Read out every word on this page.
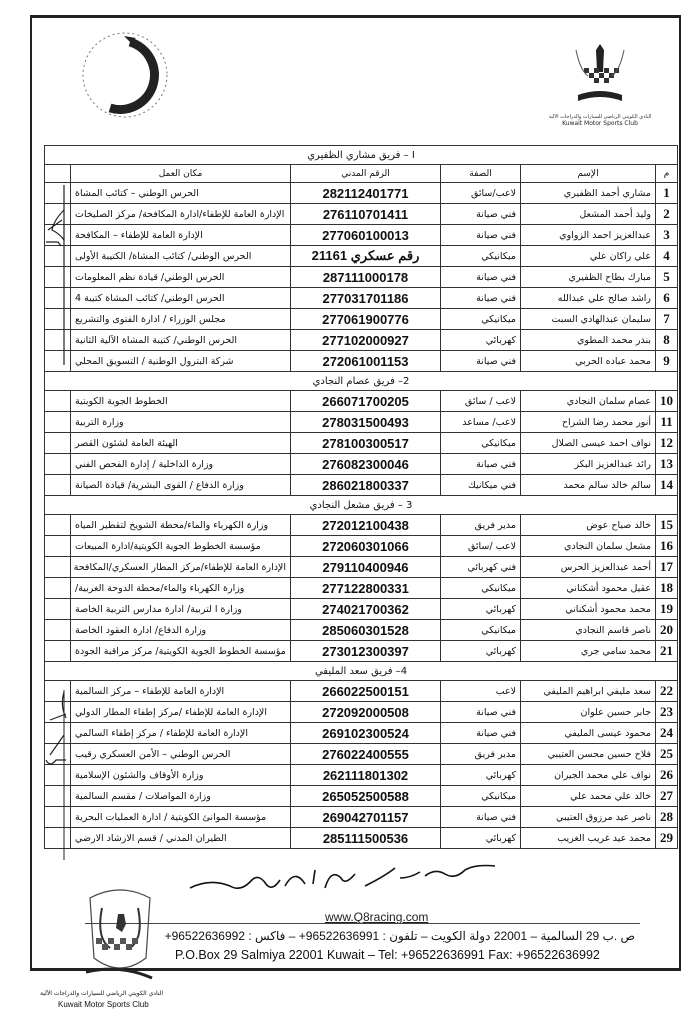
النادي الكويتي الرياضي للسيارات والدراجات الآلية
Kuwait Motor Sports Club
I – فريق مشاري الظفيري					
م	الإسم	الصفة	الرقم المدني	مكان العمل	
1	مشاري أحمد الظفيري	لاعب/سائق	282112401771	الحرس الوطني – كتائب المشاة	
2	وليد أحمد المشعل	فني صيانة	276110701411	الإدارة العامة للإطفاء/ادارة المكافحة/ مركز الصليخات	
3	عبدالعزيز احمد الزواوي	فني صيانة	277060100013	الإدارة العامة للإطفاء – المكافحة	
4	علي راكان علي	ميكانيكي	رقم عسكري 21161	الحرس الوطني/ كتائب المشاة/ الكتيبة الأولى	
5	مبارك بطاح الظفيري	فني صيانة	287111000178	الحرس الوطني/ قيادة نظم المعلومات	
6	راشد صالح علي عبدالله	فني صيانة	277031701186	الحرس الوطني/ كتائب المشاة كتيبة 4	
7	سليمان عبدالهادي السبت	ميكانيكي	277061900776	مجلس الوزراء / ادارة الفتوى والتشريع	
8	بندر محمد المطوي	كهربائي	277102000927	الحرس الوطني/ كتيبة المشاة الآلية الثانية	
9	محمد عباده الحربي	فني صيانة	272061001153	شركة البترول الوطنية / التسويق المحلي	
2– فريق عصام النجادي					
10	عصام سلمان النجادي	لاعب / سائق	266071700205	الخطوط الجوية الكويتية	
11	أنور محمد رضا الشراح	لاعب/ مساعد	278031500493	وزارة التربية	
12	نواف احمد عيسى الصلال	ميكانيكي	278100300517	الهيئة العامة لشئون القصر	
13	رائد عبدالعزيز البكر	فني صيانة	276082300046	وزارة الداخلية / إدارة الفحص الفني	
14	سالم خالد سالم محمد	فني ميكانيك	286021800337	وزارة الدفاع / القوى البشرية/ قيادة الصيانة	
3 – فريق مشعل النجادي					
15	خالد صباح عوض	مدير فريق	272012100438	وزارة الكهرباء والماء/محطة الشويخ لتقطير المياه	
16	مشعل سلمان النجادي	لاعب /سائق	272060301066	مؤسسة الخطوط الجوية الكويتية/ادارة المبيعات	
17	أحمد عبدالعزيز الحرس	فني كهربائي	279110400946	الإدارة العامة للإطفاء/مركز المطار العسكري/المكافحة	
18	عقيل محمود أشكناني	ميكانيكي	277122800331	وزارة الكهرباء والماء/محطة الدوحة الغربية/	
19	محمد محمود أشكناني	كهربائي	274021700362	وزارة ا لتربية/ ادارة مدارس التربية الخاصة	
20	ناصر قاسم النجادي	ميكانيكي	285060301528	وزارة الدفاع/ ادارة العقود الخاصة	
21	محمد سامي جري	كهربائي	273012300397	مؤسسة الخطوط الجوية الكويتية/ مركز مراقبة الجودة	
4– فريق سعد المليفي					
22	سعد مليفي ابراهيم المليفي	لاعب	266022500151	الإدارة العامة للإطفاء – مركز السالمية	
23	جابر حسين علوان	فني صيانة	272092000508	الإدارة العامة للإطفاء /مركز إطفاء المطار الدولي	
24	محمود عيسى المليفي	فني صيانة	269102300524	الإدارة العامة للإطفاء / مركز إطفاء السالمي	
25	فلاح حسين محسن العتيبي	مدير فريق	276022400555	الحرس الوطني – الأمن العسكري رقيب	
26	نواف علي محمد الجيران	كهربائي	262111801302	وزارة الأوقاف والشئون الإسلامية	
27	خالد علي محمد علي	ميكانيكي	265052500588	وزارة المواصلات / مقسم السالمية	
28	ناصر عيد مرزوق العتيبي	فني صيانة	269042701157	مؤسسة الموانئ الكويتية / ادارة العمليات البحرية	
29	محمد عيد غريب الغريب	كهربائي	285111500536	الطيران المدني / قسم الارشاد الارضي	
www.Q8racing.com
ص .ب 29 السالمية – 22001 دولة الكويت – تلفون : 96522636991+ – فاكس : 96522636992+
P.O.Box 29 Salmiya 22001 Kuwait – Tel: +96522636991 Fax: +96522636992
النادي الكويتي الرياضي للسيارات والدراجات الآلية
Kuwait Motor Sports Club
